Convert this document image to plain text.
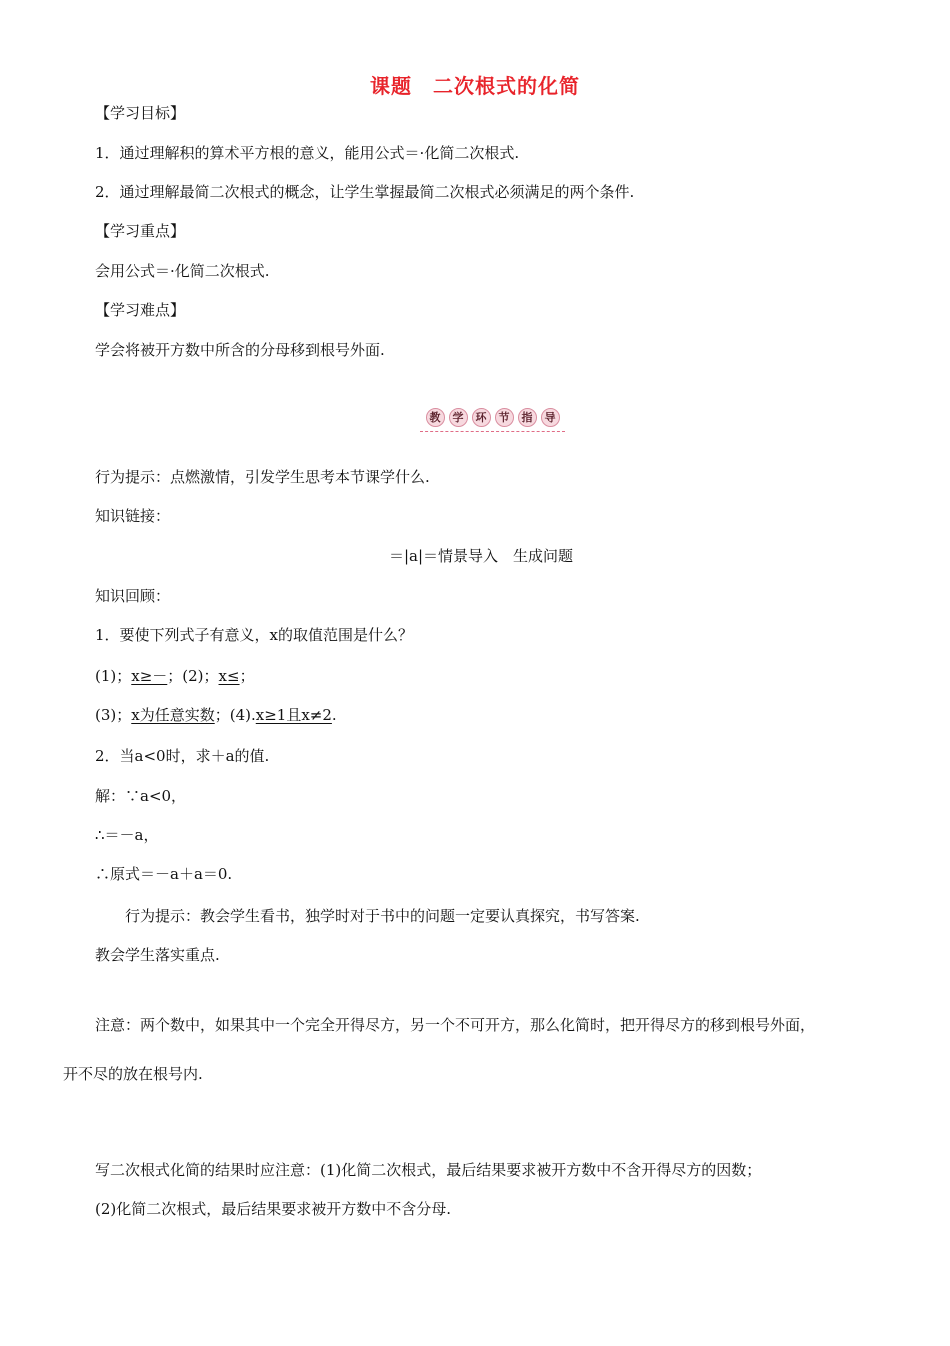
课题　二次根式的化简
【学习目标】
1．通过理解积的算术平方根的意义，能用公式＝·化简二次根式.
2．通过理解最简二次根式的概念，让学生掌握最简二次根式必须满足的两个条件.
【学习重点】
会用公式＝·化简二次根式.
【学习难点】
学会将被开方数中所含的分母移到根号外面.
教	学	环	节	指	导
行为提示：点燃激情，引发学生思考本节课学什么.
知识链接：
＝|a|＝情景导入　生成问题
知识回顾：
1．要使下列式子有意义，x的取值范围是什么？
(1)；x≥－；(2)；x≤；
(3)；x为任意实数；(4).x≥1且x≠2.
2．当a<0时，求＋a的值.
解：∵a<0，
∴＝－a，
∴原式＝－a＋a＝0.
行为提示：教会学生看书，独学时对于书中的问题一定要认真探究，书写答案.
教会学生落实重点.
注意：两个数中，如果其中一个完全开得尽方，另一个不可开方，那么化简时，把开得尽方的移到根号外面，
开不尽的放在根号内.
写二次根式化简的结果时应注意：(1)化简二次根式，最后结果要求被开方数中不含开得尽方的因数；
(2)化简二次根式，最后结果要求被开方数中不含分母.
